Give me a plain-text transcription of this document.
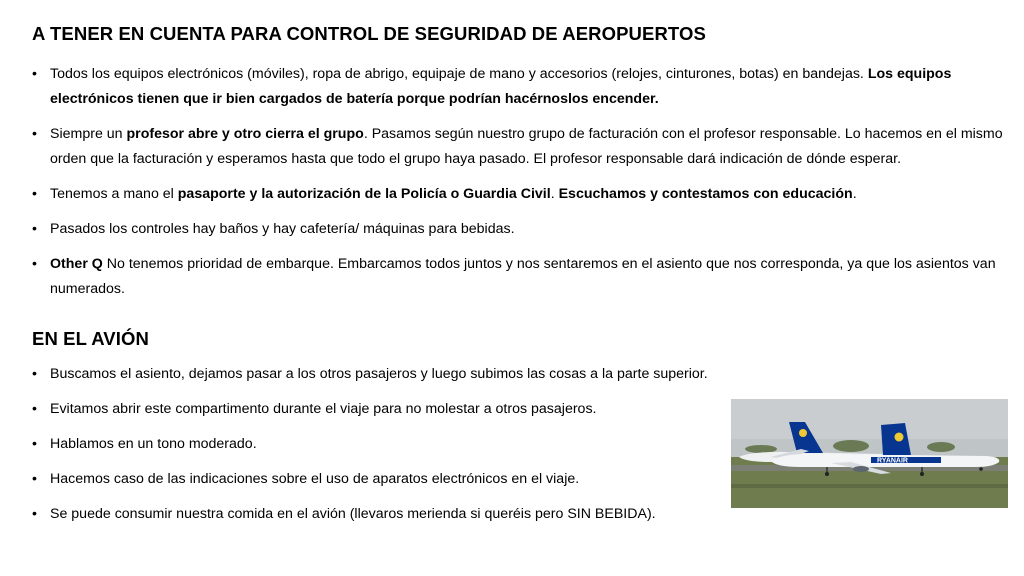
A TENER EN CUENTA PARA CONTROL DE SEGURIDAD DE AEROPUERTOS
• Todos los equipos electrónicos (móviles), ropa de abrigo, equipaje de mano y accesorios (relojes, cinturones, botas) en bandejas. Los equipos electrónicos tienen que ir bien cargados de batería porque podrían hacérnoslos encender.
• Siempre un profesor abre y otro cierra el grupo. Pasamos según nuestro grupo de facturación con el profesor responsable. Lo hacemos en el mismo orden que la facturación y esperamos hasta que todo el grupo haya pasado. El profesor responsable dará indicación de dónde esperar.
• Tenemos a mano el pasaporte y la autorización de la Policía o Guardia Civil. Escuchamos y contestamos con educación.
• Pasados los controles hay baños y hay cafetería/ máquinas para bebidas.
• Other Q No tenemos prioridad de embarque. Embarcamos todos juntos y nos sentaremos en el asiento que nos corresponda, ya que los asientos van numerados.
EN EL AVIÓN
• Buscamos el asiento, dejamos pasar a los otros pasajeros y luego subimos las cosas a la parte superior.
• Evitamos abrir este compartimento durante el viaje para no molestar a otros pasajeros.
• Hablamos en un tono moderado.
• Hacemos caso de las indicaciones sobre el uso de aparatos electrónicos en el viaje.
• Se puede consumir nuestra comida en el avión (llevaros merienda si queréis pero SIN BEBIDA).
RYANAIR
